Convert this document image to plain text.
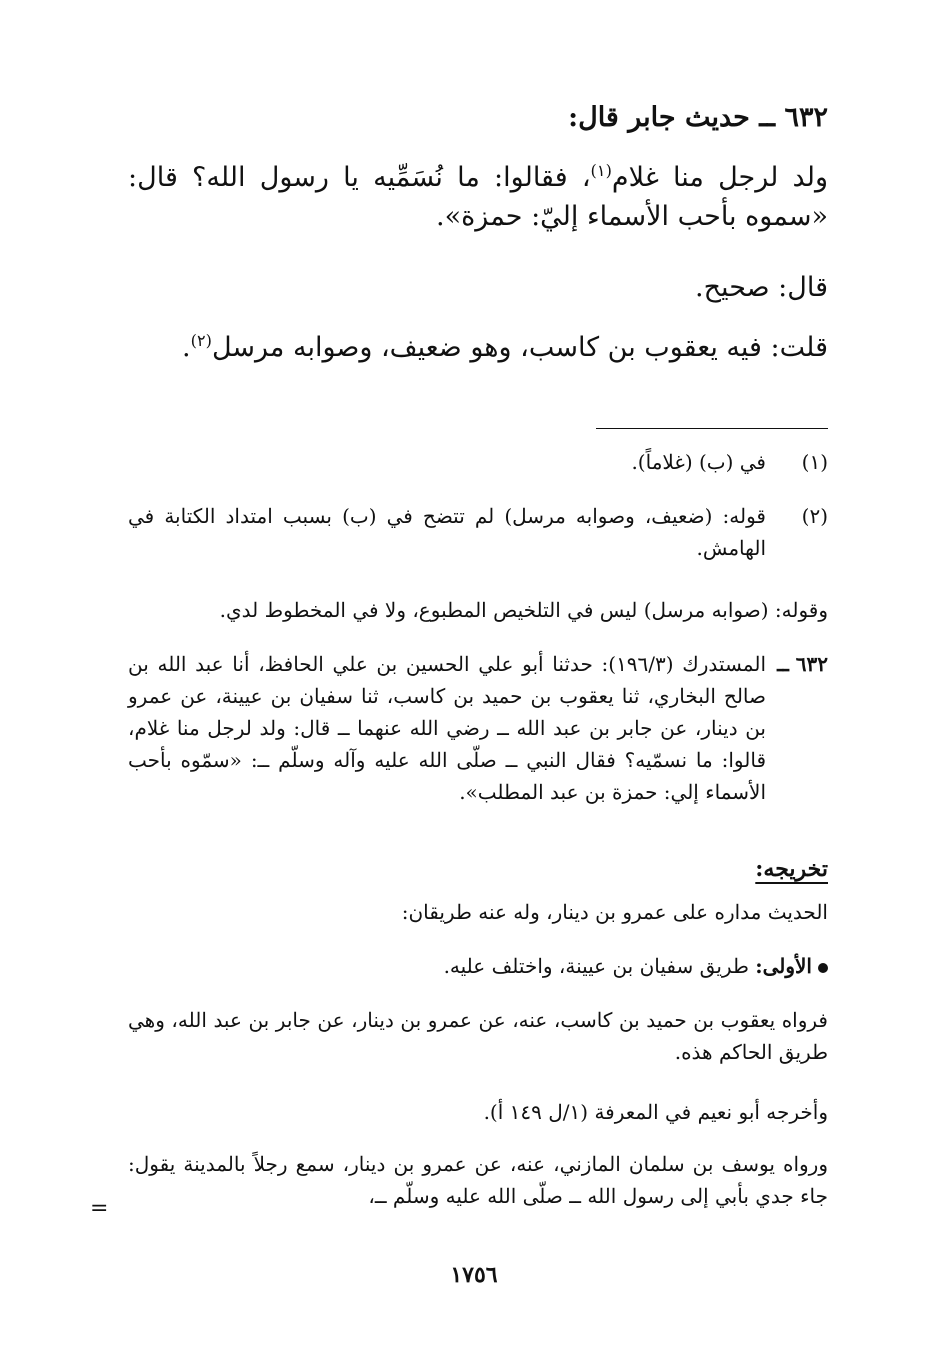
٦٣٢ ــ حديث جابر قال:
ولد لرجل منا غلام$^{(١)}$، فقالوا: ما نُسَمِّيه يا رسول الله؟ قال: «سموه بأحب الأسماء إليّ: حمزة».
قال: صحيح.
قلت: فيه يعقوب بن كاسب، وهو ضعيف، وصوابه مرسل$^{(٢)}$.
(١)
في (ب) (غلاماً).
(٢)
قوله: (ضعيف، وصوابه مرسل) لم تتضح في (ب) بسبب امتداد الكتابة في الهامش.
وقوله: (صوابه مرسل) ليس في التلخيص المطبوع، ولا في المخطوط لدي.
٦٣٢ ــ
المستدرك (١٩٦/٣): حدثنا أبو علي الحسين بن علي الحافظ، أنا عبد الله بن صالح البخاري، ثنا يعقوب بن حميد بن كاسب، ثنا سفيان بن عيينة، عن عمرو بن دينار، عن جابر بن عبد الله ــ رضي الله عنهما ــ قال: ولد لرجل منا غلام، قالوا: ما نسمّيه؟ فقال النبي ــ صلّى الله عليه وآله وسلّم ــ: «سمّوه بأحب الأسماء إلي: حمزة بن عبد المطلب».
تخريجه:
الحديث مداره على عمرو بن دينار، وله عنه طريقان:
الأولى: طريق سفيان بن عيينة، واختلف عليه.
فرواه يعقوب بن حميد بن كاسب، عنه، عن عمرو بن دينار، عن جابر بن عبد الله، وهي طريق الحاكم هذه.
وأخرجه أبو نعيم في المعرفة (١/ل ١٤٩ أ).
ورواه يوسف بن سلمان المازني، عنه، عن عمرو بن دينار، سمع رجلاً بالمدينة يقول: جاء جدي بأبي إلى رسول الله ــ صلّى الله عليه وسلّم ــ،
=
١٧٥٦
